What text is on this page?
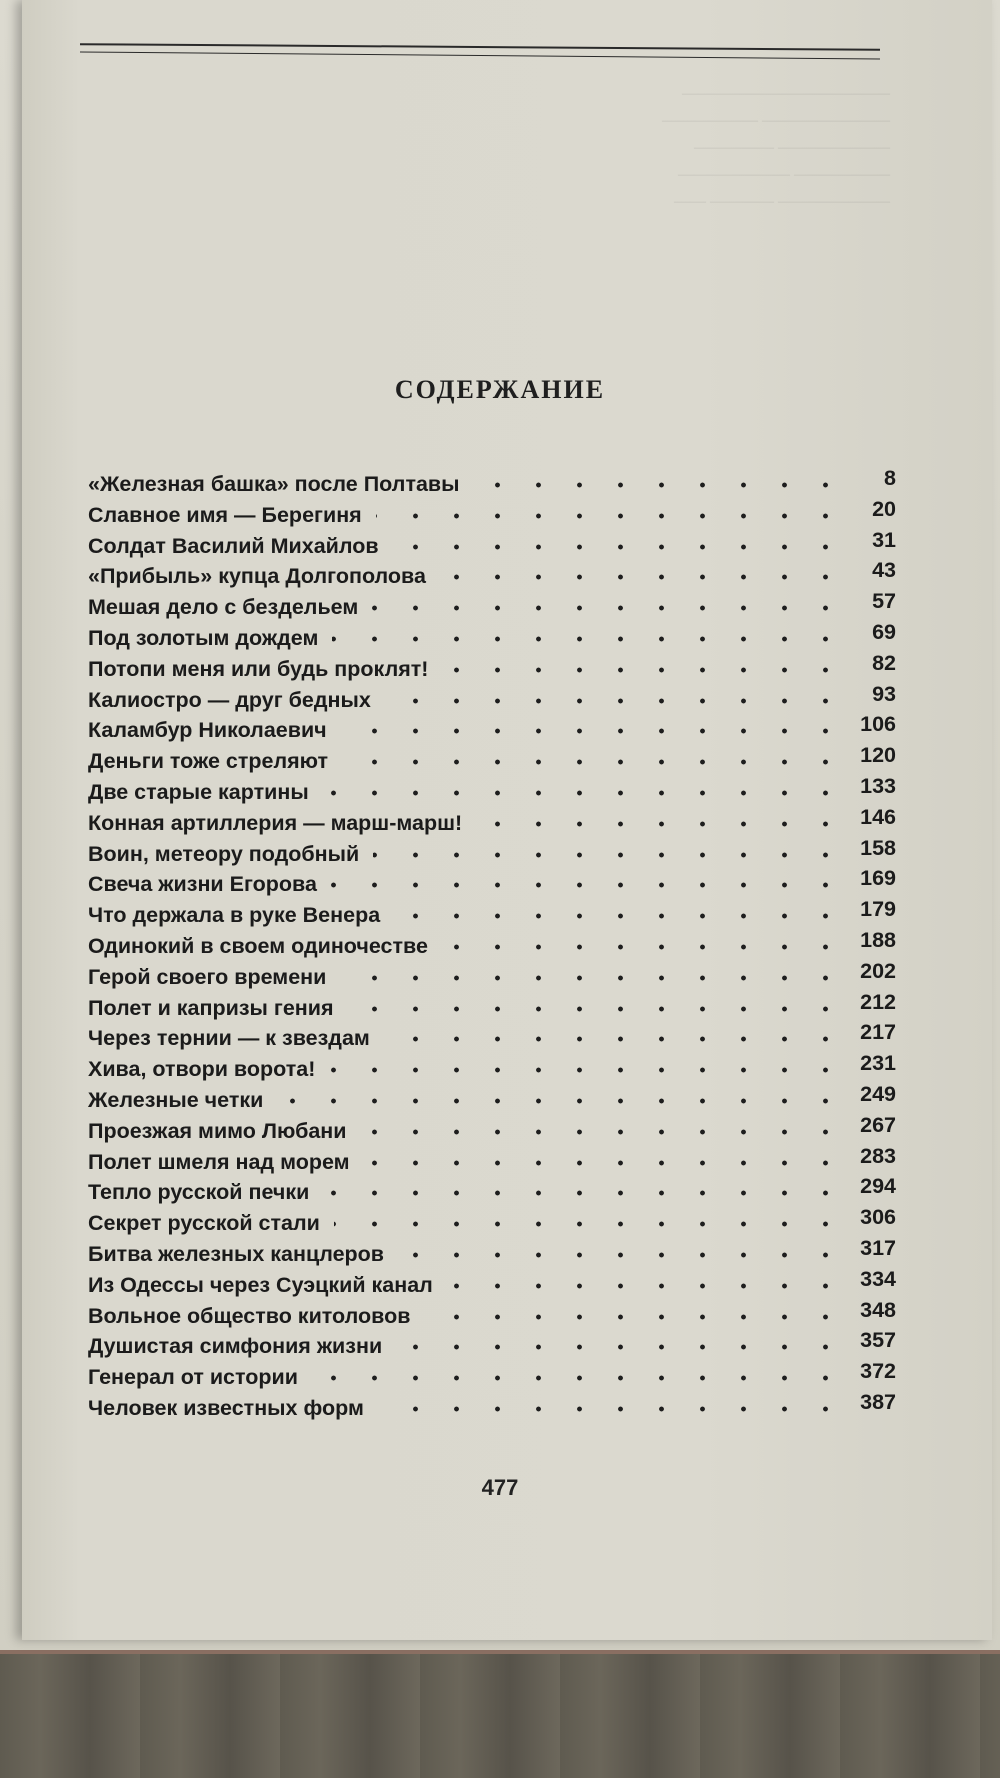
—————————————
———————— ——————
——————— —————
—————— ———————
——————— ———— ——
СОДЕРЖАНИЕ
«Железная башка» после Полтавы	8
Славное имя — Берегиня	20
Солдат Василий Михайлов	31
«Прибыль» купца Долгополова	43
Мешая дело с бездельем	57
Под золотым дождем	69
Потопи меня или будь проклят!	82
Калиостро — друг бедных	93
Каламбур Николаевич	106
Деньги тоже стреляют	120
Две старые картины	133
Конная артиллерия — марш-марш!	146
Воин, метеору подобный	158
Свеча жизни Егорова	169
Что держала в руке Венера	179
Одинокий в своем одиночестве	188
Герой своего времени	202
Полет и капризы гения	212
Через тернии — к звездам	217
Хива, отвори ворота!	231
Железные четки	249
Проезжая мимо Любани	267
Полет шмеля над морем	283
Тепло русской печки	294
Секрет русской стали	306
Битва железных канцлеров	317
Из Одессы через Суэцкий канал	334
Вольное общество китоловов	348
Душистая симфония жизни	357
Генерал от истории	372
Человек известных форм	387
477
